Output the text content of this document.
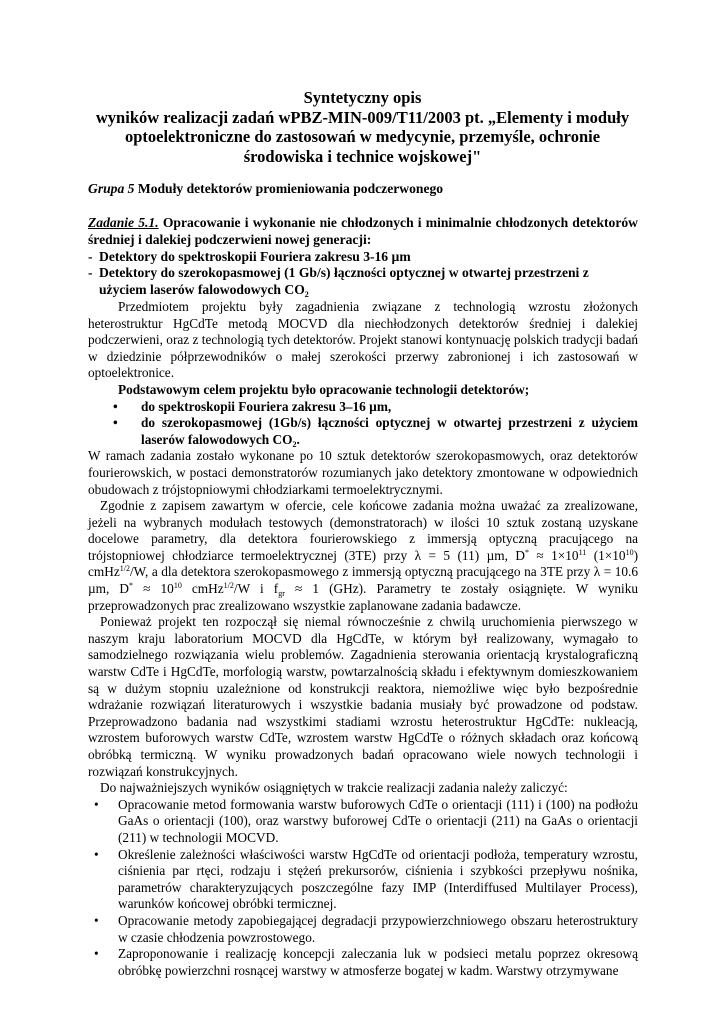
Syntetyczny opis
wyników realizacji zadań wPBZ-MIN-009/T11/2003 pt. „Elementy i moduły
optoelektroniczne do zastosowań w medycynie, przemyśle, ochronie
środowiska i technice wojskowej"
Grupa 5 Moduły detektorów promieniowania podczerwonego
Zadanie 5.1. Opracowanie i wykonanie nie chłodzonych i minimalnie chłodzonych detektorów średniej i dalekiej podczerwieni nowej generacji:
- Detektory do spektroskopii Fouriera zakresu 3-16 µm
- Detektory do szerokopasmowej (1 Gb/s) łączności optycznej w otwartej przestrzeni z użyciem laserów falowodowych $CO_2$
Przedmiotem projektu były zagadnienia związane z technologią wzrostu złożonych heterostruktur HgCdTe metodą MOCVD dla niechłodzonych detektorów średniej i dalekiej podczerwieni, oraz z technologią tych detektorów. Projekt stanowi kontynuację polskich tradycji badań w dziedzinie półprzewodników o małej szerokości przerwy zabronionej i ich zastosowań w optoelektronice.
Podstawowym celem projektu było opracowanie technologii detektorów;
• do spektroskopii Fouriera zakresu 3–16 µm,
• do szerokopasmowej (1Gb/s) łączności optycznej w otwartej przestrzeni z użyciem laserów falowodowych $CO_2$.
W ramach zadania zostało wykonane po 10 sztuk detektorów szerokopasmowych, oraz detektorów fourierowskich, w postaci demonstratorów rozumianych jako detektory zmontowane w odpowiednich obudowach z trójstopniowymi chłodziarkami termoelektrycznymi.
Zgodnie z zapisem zawartym w ofercie, cele końcowe zadania można uważać za zrealizowane, jeżeli na wybranych modułach testowych (demonstratorach) w ilości 10 sztuk zostaną uzyskane docelowe parametry, dla detektora fourierowskiego z immersją optyczną pracującego na trójstopniowej chłodziarce termoelektrycznej (3TE) przy λ = 5 (11) µm, $D^* \approx 1\times 10^{11}$ $(1\times 10^{10})$ cmHz$^{1/2}$/W, a dla detektora szerokopasmowego z immersją optyczną pracującego na 3TE przy λ = 10.6 µm, $D^* \approx 10^{10}$ cmHz$^{1/2}$/W i $f_{gr} \approx 1$ (GHz). Parametry te zostały osiągnięte. W wyniku przeprowadzonych prac zrealizowano wszystkie zaplanowane zadania badawcze.
Ponieważ projekt ten rozpoczął się niemal równocześnie z chwilą uruchomienia pierwszego w naszym kraju laboratorium MOCVD dla HgCdTe, w którym był realizowany, wymagało to samodzielnego rozwiązania wielu problemów. Zagadnienia sterowania orientacją krystalograficzną warstw CdTe i HgCdTe, morfologią warstw, powtarzalnością składu i efektywnym domieszkowaniem są w dużym stopniu uzależnione od konstrukcji reaktora, niemożliwe więc było bezpośrednie wdrażanie rozwiązań literaturowych i wszystkie badania musiały być prowadzone od podstaw. Przeprowadzono badania nad wszystkimi stadiami wzrostu heterostruktur HgCdTe: nukleacją, wzrostem buforowych warstw CdTe, wzrostem warstw HgCdTe o różnych składach oraz końcową obróbką termiczną. W wyniku prowadzonych badań opracowano wiele nowych technologii i rozwiązań konstrukcyjnych.
Do najważniejszych wyników osiągniętych w trakcie realizacji zadania należy zaliczyć:
• Opracowanie metod formowania warstw buforowych CdTe o orientacji (111) i (100) na podłożu GaAs o orientacji (100), oraz warstwy buforowej CdTe o orientacji (211) na GaAs o orientacji (211) w technologii MOCVD.
• Określenie zależności właściwości warstw HgCdTe od orientacji podłoża, temperatury wzrostu, ciśnienia par rtęci, rodzaju i stężeń prekursorów, ciśnienia i szybkości przepływu nośnika, parametrów charakteryzujących poszczególne fazy IMP (Interdiffused Multilayer Process), warunków końcowej obróbki termicznej.
• Opracowanie metody zapobiegającej degradacji przypowierzchniowego obszaru heterostruktury w czasie chłodzenia powzrostowego.
• Zaproponowanie i realizację koncepcji zaleczania luk w podsieci metalu poprzez okresową obróbkę powierzchni rosnącej warstwy w atmosferze bogatej w kadm. Warstwy otrzymywane
